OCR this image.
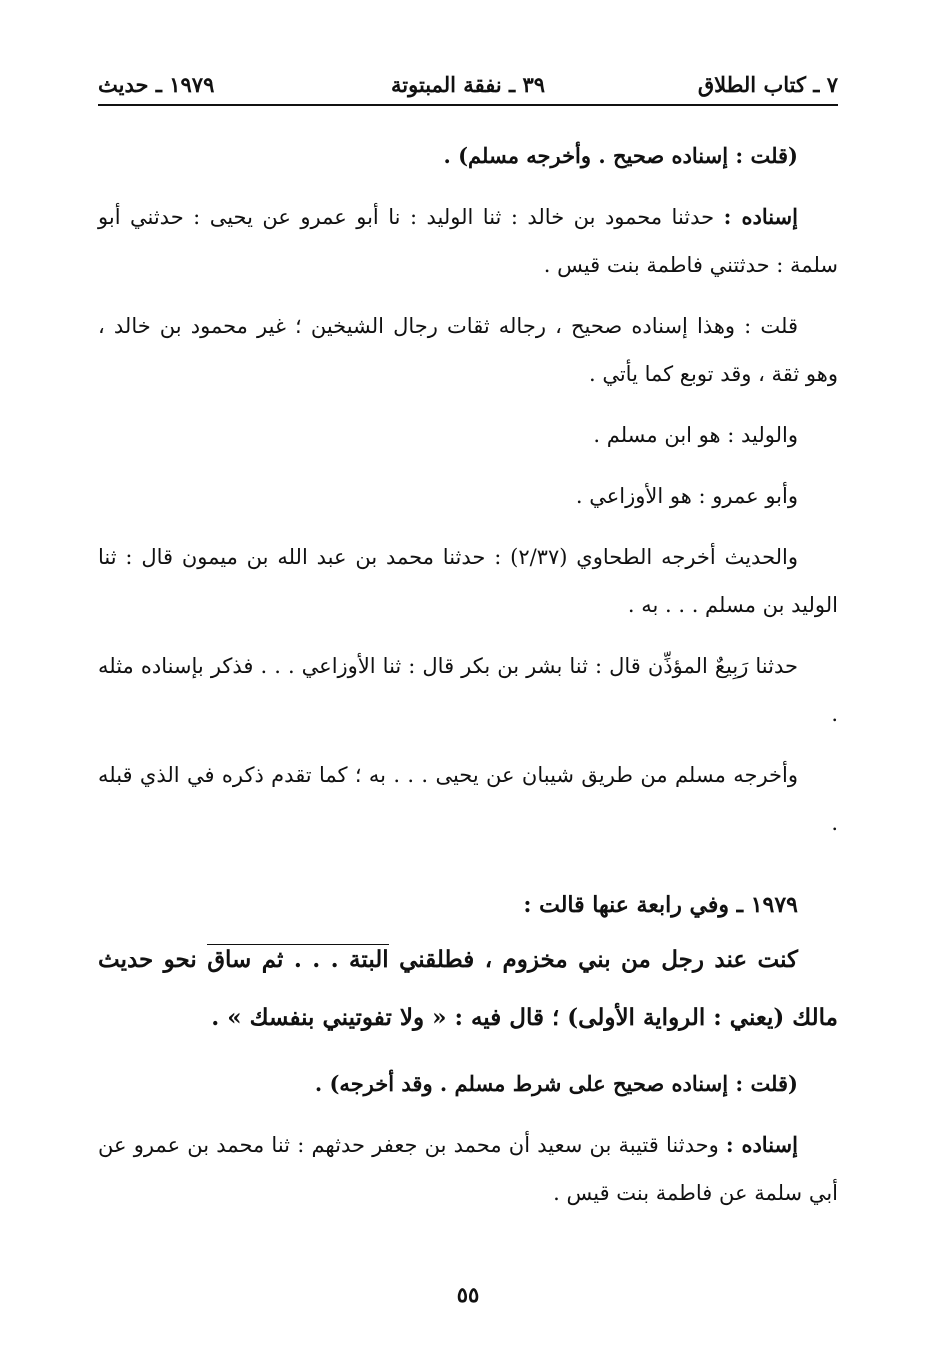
٧ ـ كتاب الطلاق
٣٩ ـ نفقة المبتوتة
١٩٧٩ ـ حديث

(قلت : إسناده صحيح . وأخرجه مسلم) .

إسناده : حدثنا محمود بن خالد : ثنا الوليد : نا أبو عمرو عن يحيى : حدثني أبو سلمة : حدثتني فاطمة بنت قيس .

قلت : وهذا إسناده صحيح ، رجاله ثقات رجال الشيخين ؛ غير محمود بن خالد ، وهو ثقة ، وقد توبع كما يأتي .

والوليد : هو ابن مسلم .

وأبو عمرو : هو الأوزاعي .

والحديث أخرجه الطحاوي (٢/٣٧) : حدثنا محمد بن عبد الله بن ميمون قال : ثنا الوليد بن مسلم . . . به .

حدثنا رَبِيعٌ المؤذِّن قال : ثنا بشر بن بكر قال : ثنا الأوزاعي . . . فذكر بإسناده مثله .

وأخرجه مسلم من طريق شيبان عن يحيى . . . به ؛ كما تقدم ذكره في الذي قبله .

١٩٧٩ ـ وفي رابعة عنها قالت :

كنت عند رجل من بني مخزوم ، فطلقني البتة . . . ثم ساق نحو حديث مالك (يعني : الرواية الأولى) ؛ قال فيه : « ولا تفوتيني بنفسك » .

(قلت : إسناده صحيح على شرط مسلم . وقد أخرجه) .

إسناده : وحدثنا قتيبة بن سعيد أن محمد بن جعفر حدثهم : ثنا محمد بن عمرو عن أبي سلمة عن فاطمة بنت قيس .

٥٥
